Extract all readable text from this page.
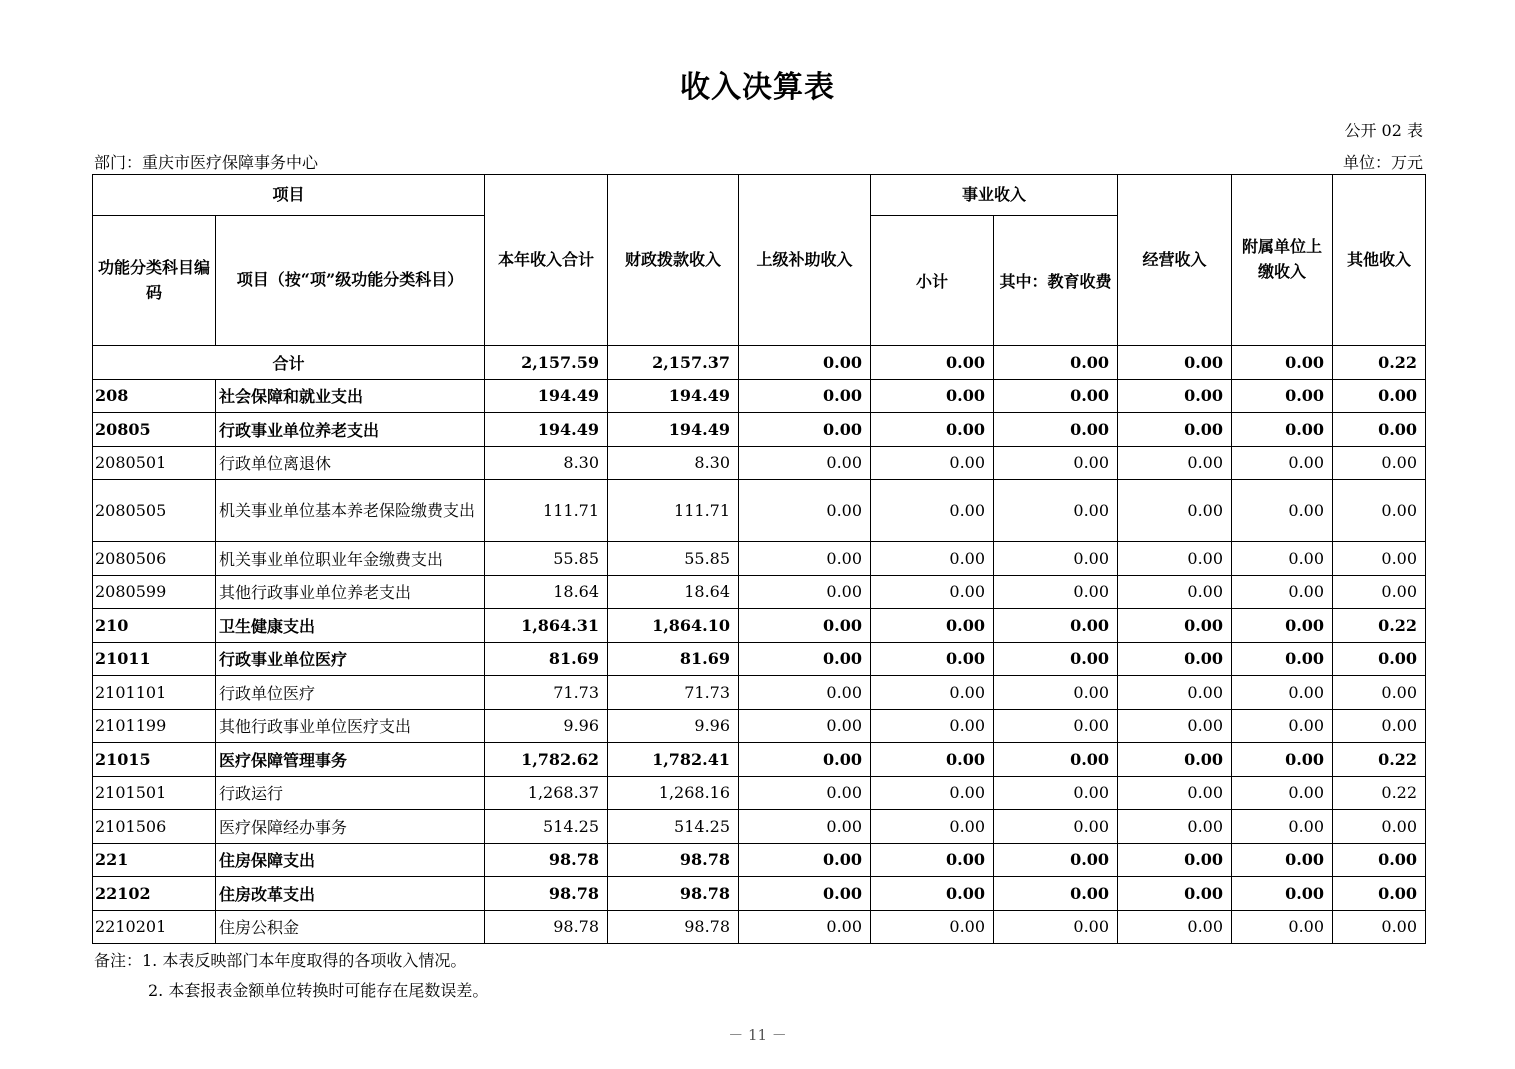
收入决算表
公开 02 表
部门：重庆市医疗保障事务中心	单位：万元
项目		本年收入合计	财政拨款收入	上级补助收入	事业收入		经营收入	附属单位上缴收入	其他收入
功能分类科目编码	项目（按“项”级功能分类科目）				小计	其中：教育收费			
合计		2,157.59	2,157.37	0.00	0.00	0.00	0.00	0.00	0.22
208	社会保障和就业支出	194.49	194.49	0.00	0.00	0.00	0.00	0.00	0.00
20805	行政事业单位养老支出	194.49	194.49	0.00	0.00	0.00	0.00	0.00	0.00
2080501	行政单位离退休	8.30	8.30	0.00	0.00	0.00	0.00	0.00	0.00
2080505	机关事业单位基本养老保险缴费支出	111.71	111.71	0.00	0.00	0.00	0.00	0.00	0.00
2080506	机关事业单位职业年金缴费支出	55.85	55.85	0.00	0.00	0.00	0.00	0.00	0.00
2080599	其他行政事业单位养老支出	18.64	18.64	0.00	0.00	0.00	0.00	0.00	0.00
210	卫生健康支出	1,864.31	1,864.10	0.00	0.00	0.00	0.00	0.00	0.22
21011	行政事业单位医疗	81.69	81.69	0.00	0.00	0.00	0.00	0.00	0.00
2101101	行政单位医疗	71.73	71.73	0.00	0.00	0.00	0.00	0.00	0.00
2101199	其他行政事业单位医疗支出	9.96	9.96	0.00	0.00	0.00	0.00	0.00	0.00
21015	医疗保障管理事务	1,782.62	1,782.41	0.00	0.00	0.00	0.00	0.00	0.22
2101501	行政运行	1,268.37	1,268.16	0.00	0.00	0.00	0.00	0.00	0.22
2101506	医疗保障经办事务	514.25	514.25	0.00	0.00	0.00	0.00	0.00	0.00
221	住房保障支出	98.78	98.78	0.00	0.00	0.00	0.00	0.00	0.00
22102	住房改革支出	98.78	98.78	0.00	0.00	0.00	0.00	0.00	0.00
2210201	住房公积金	98.78	98.78	0.00	0.00	0.00	0.00	0.00	0.00
备注：1. 本表反映部门本年度取得的各项收入情况。
2. 本套报表金额单位转换时可能存在尾数误差。
－ 11 －
